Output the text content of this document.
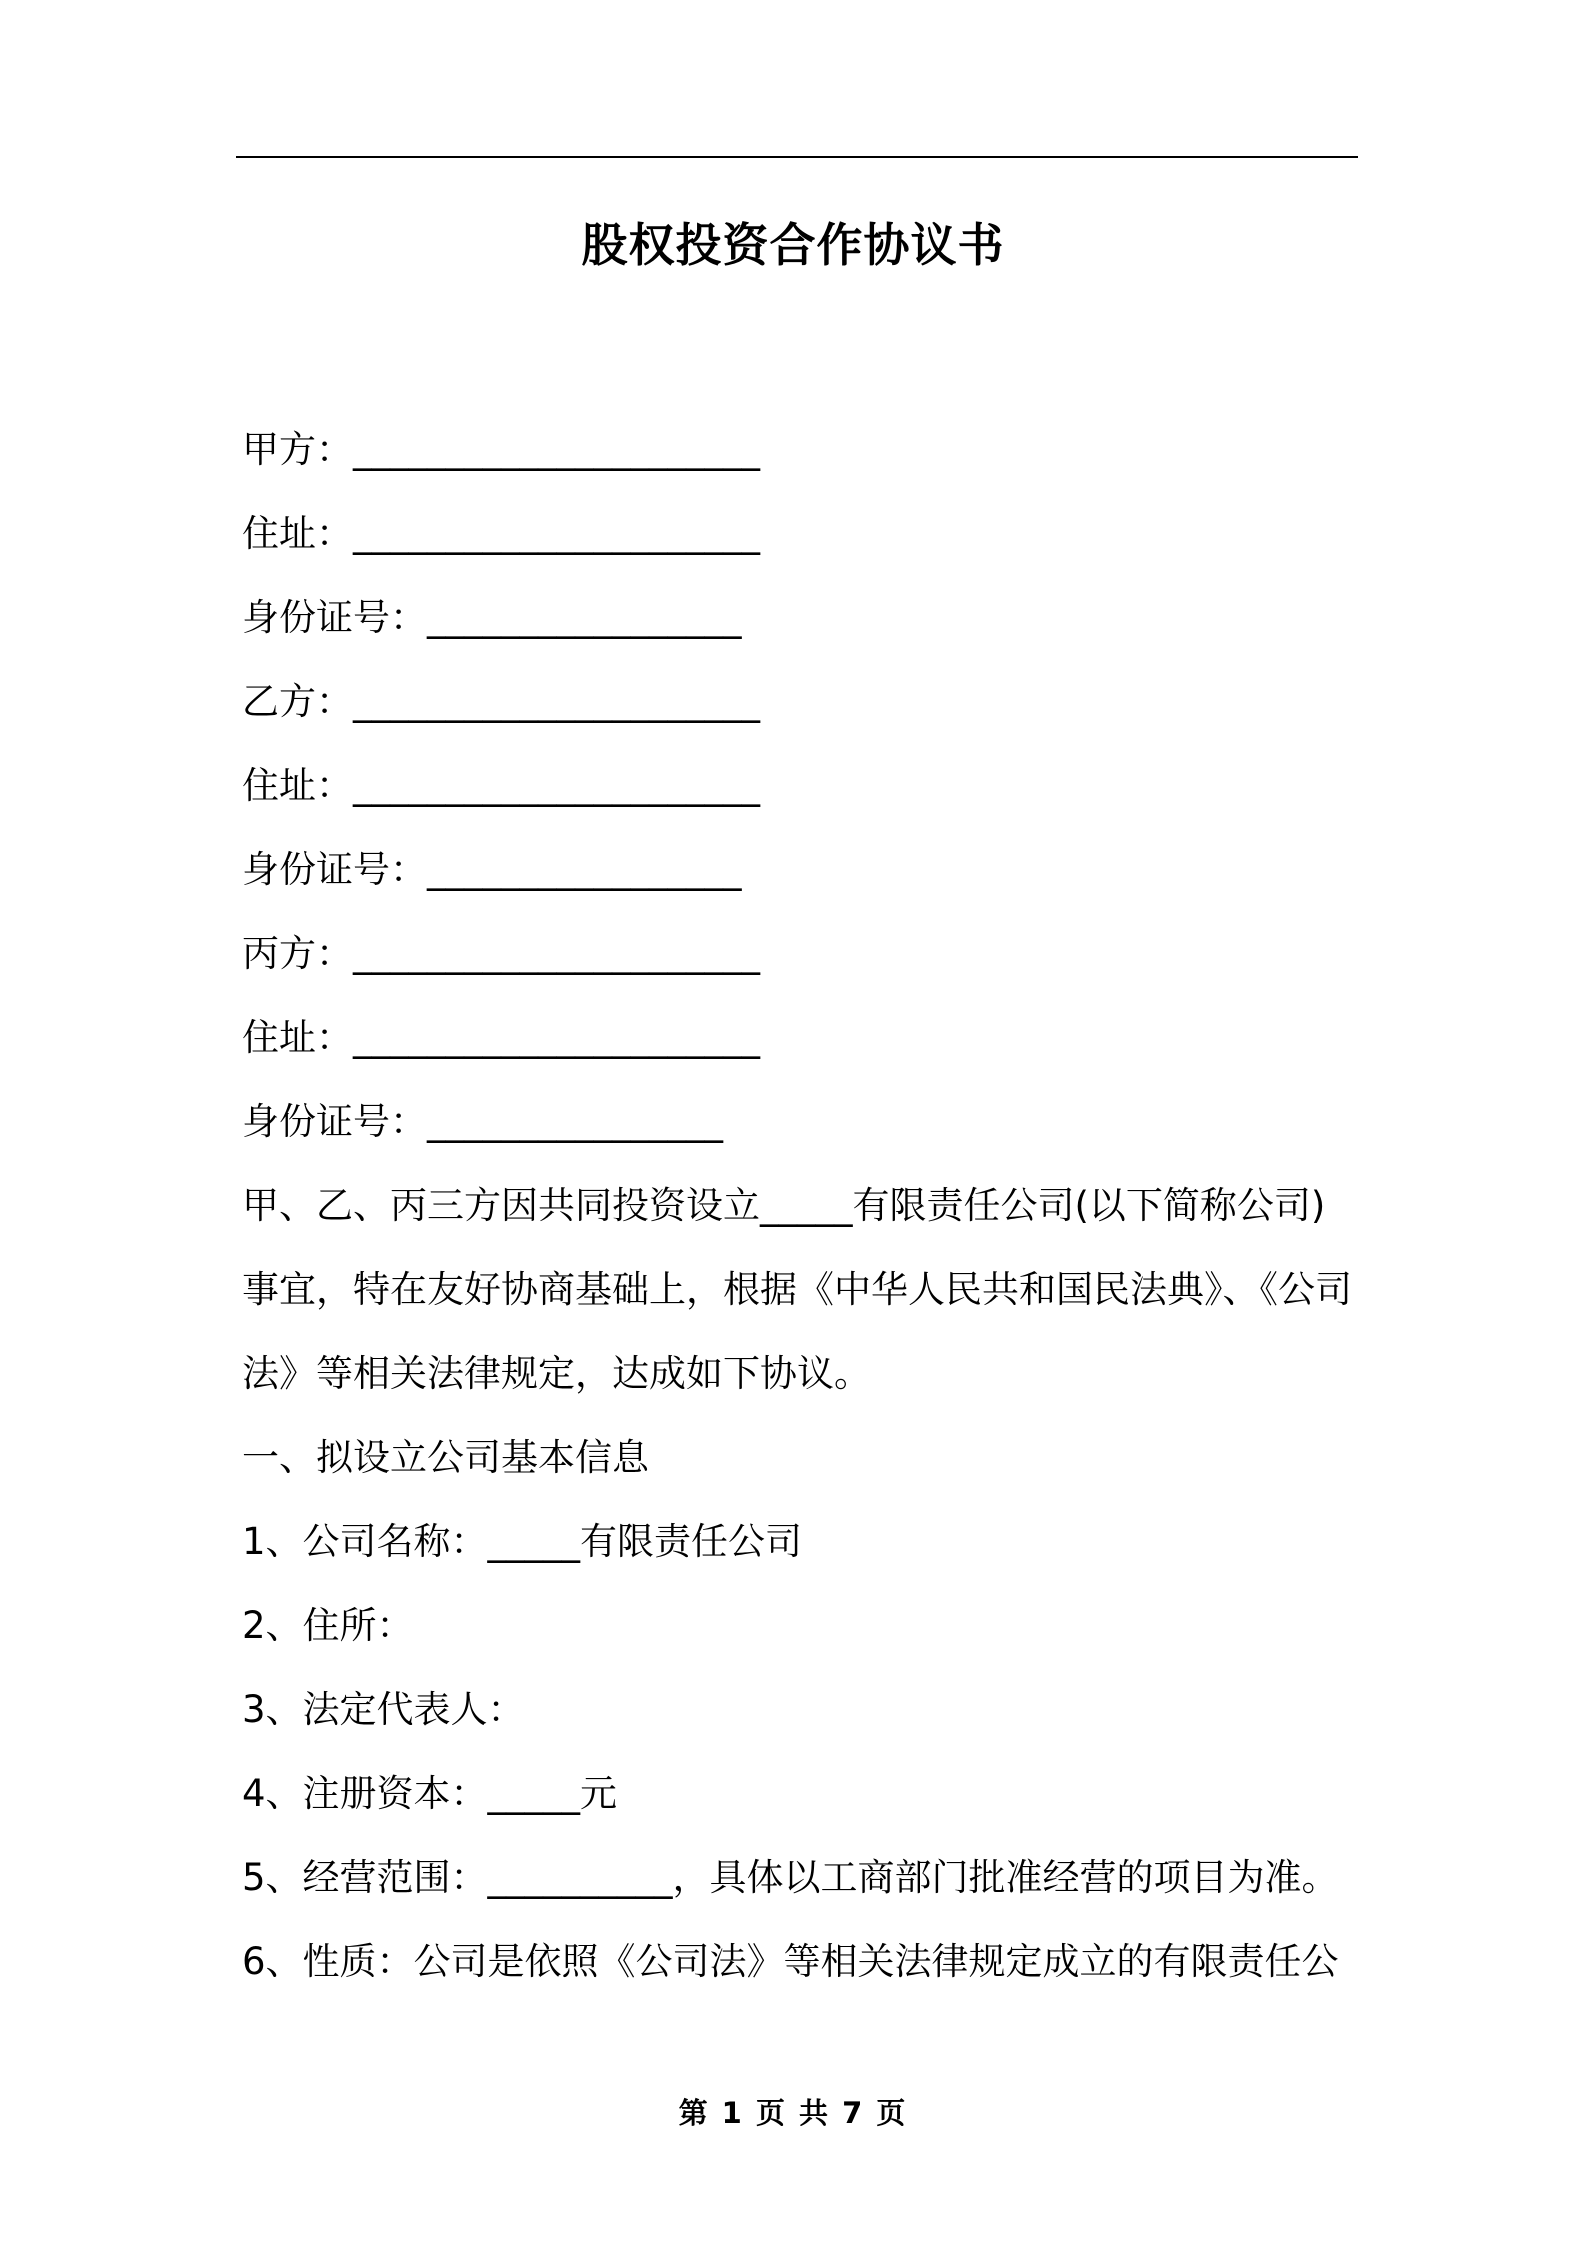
股权投资合作协议书

甲方：______________________

住址：______________________

身份证号：_________________

乙方：______________________

住址：______________________

身份证号：_________________

丙方：______________________

住址：______________________

身份证号：________________

甲、乙、丙三方因共同投资设立_____有限责任公司(以下简称公司)

事宜，特在友好协商基础上，根据《中华人民共和国民法典》、《公司

法》等相关法律规定，达成如下协议。

一、拟设立公司基本信息

1、公司名称：_____有限责任公司

2、住所：

3、法定代表人：

4、注册资本：_____元

5、经营范围：__________，具体以工商部门批准经营的项目为准。

6、性质：公司是依照《公司法》等相关法律规定成立的有限责任公

第 1 页 共 7 页
